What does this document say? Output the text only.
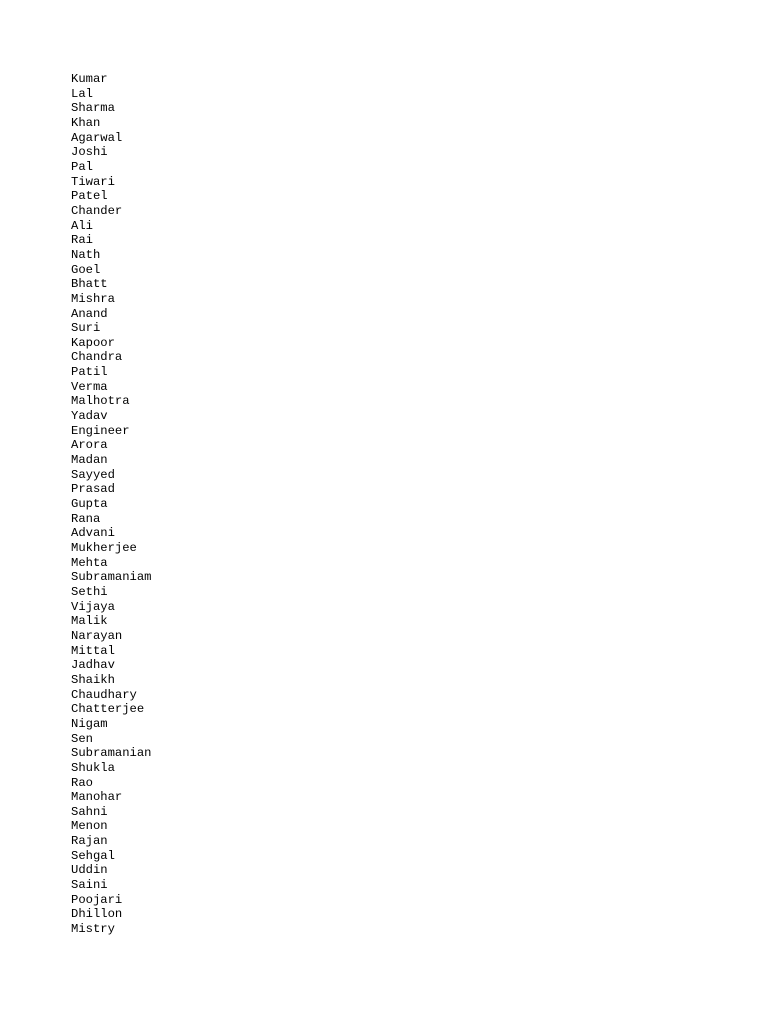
Kumar
Lal
Sharma
Khan
Agarwal
Joshi
Pal
Tiwari
Patel
Chander
Ali
Rai
Nath
Goel
Bhatt
Mishra
Anand
Suri
Kapoor
Chandra
Patil
Verma
Malhotra
Yadav
Engineer
Arora
Madan
Sayyed
Prasad
Gupta
Rana
Advani
Mukherjee
Mehta
Subramaniam
Sethi
Vijaya
Malik
Narayan
Mittal
Jadhav
Shaikh
Chaudhary
Chatterjee
Nigam
Sen
Subramanian
Shukla
Rao
Manohar
Sahni
Menon
Rajan
Sehgal
Uddin
Saini
Poojari
Dhillon
Mistry
